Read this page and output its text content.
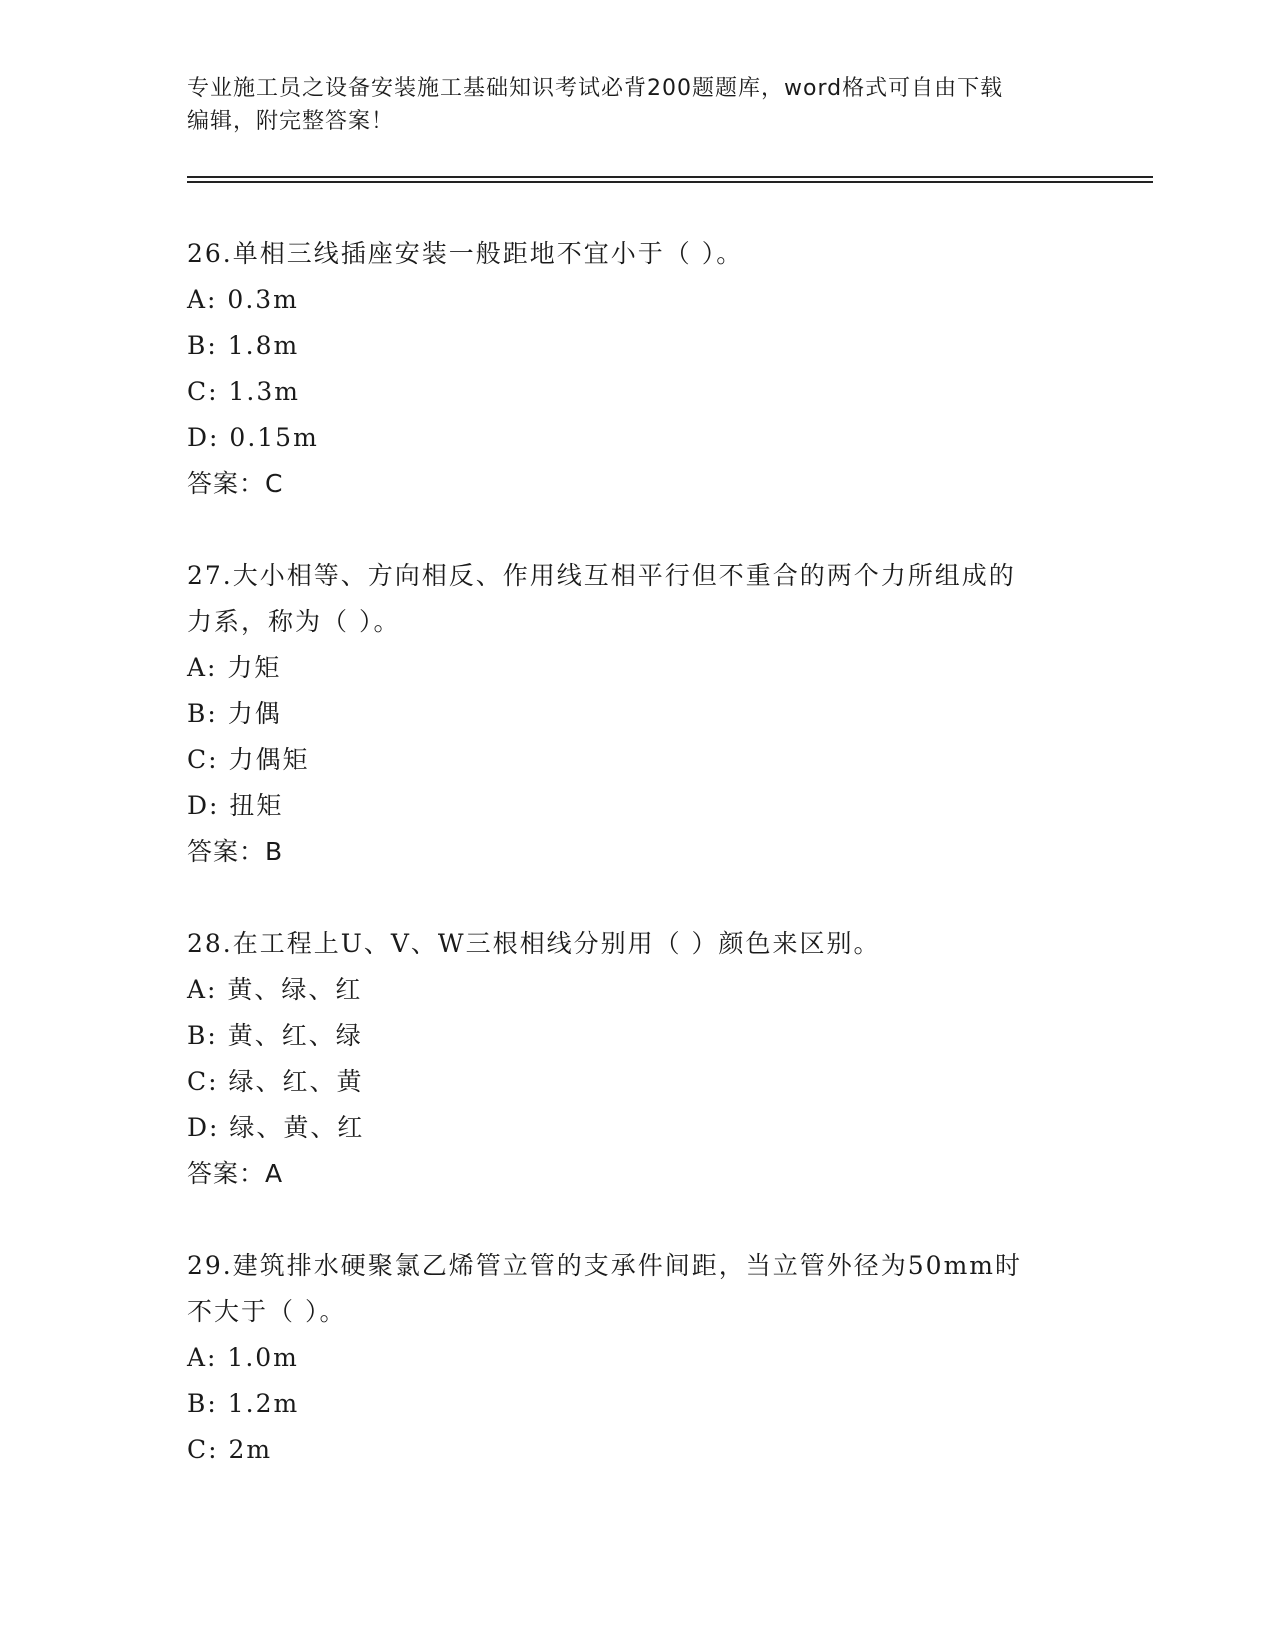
专业施工员之设备安装施工基础知识考试必背200题题库，word格式可自由下载
编辑，附完整答案！
26.单相三线插座安装一般距地不宜小于（ ）。
A: 0.3m
B: 1.8m
C: 1.3m
D: 0.15m
答案：C
27.大小相等、方向相反、作用线互相平行但不重合的两个力所组成的
力系，称为（ ）。
A: 力矩
B: 力偶
C: 力偶矩
D: 扭矩
答案：B
28.在工程上U、V、W三根相线分别用（ ）颜色来区别。
A: 黄、绿、红
B: 黄、红、绿
C: 绿、红、黄
D: 绿、黄、红
答案：A
29.建筑排水硬聚氯乙烯管立管的支承件间距，当立管外径为50mm时
不大于（ ）。
A: 1.0m
B: 1.2m
C: 2m
